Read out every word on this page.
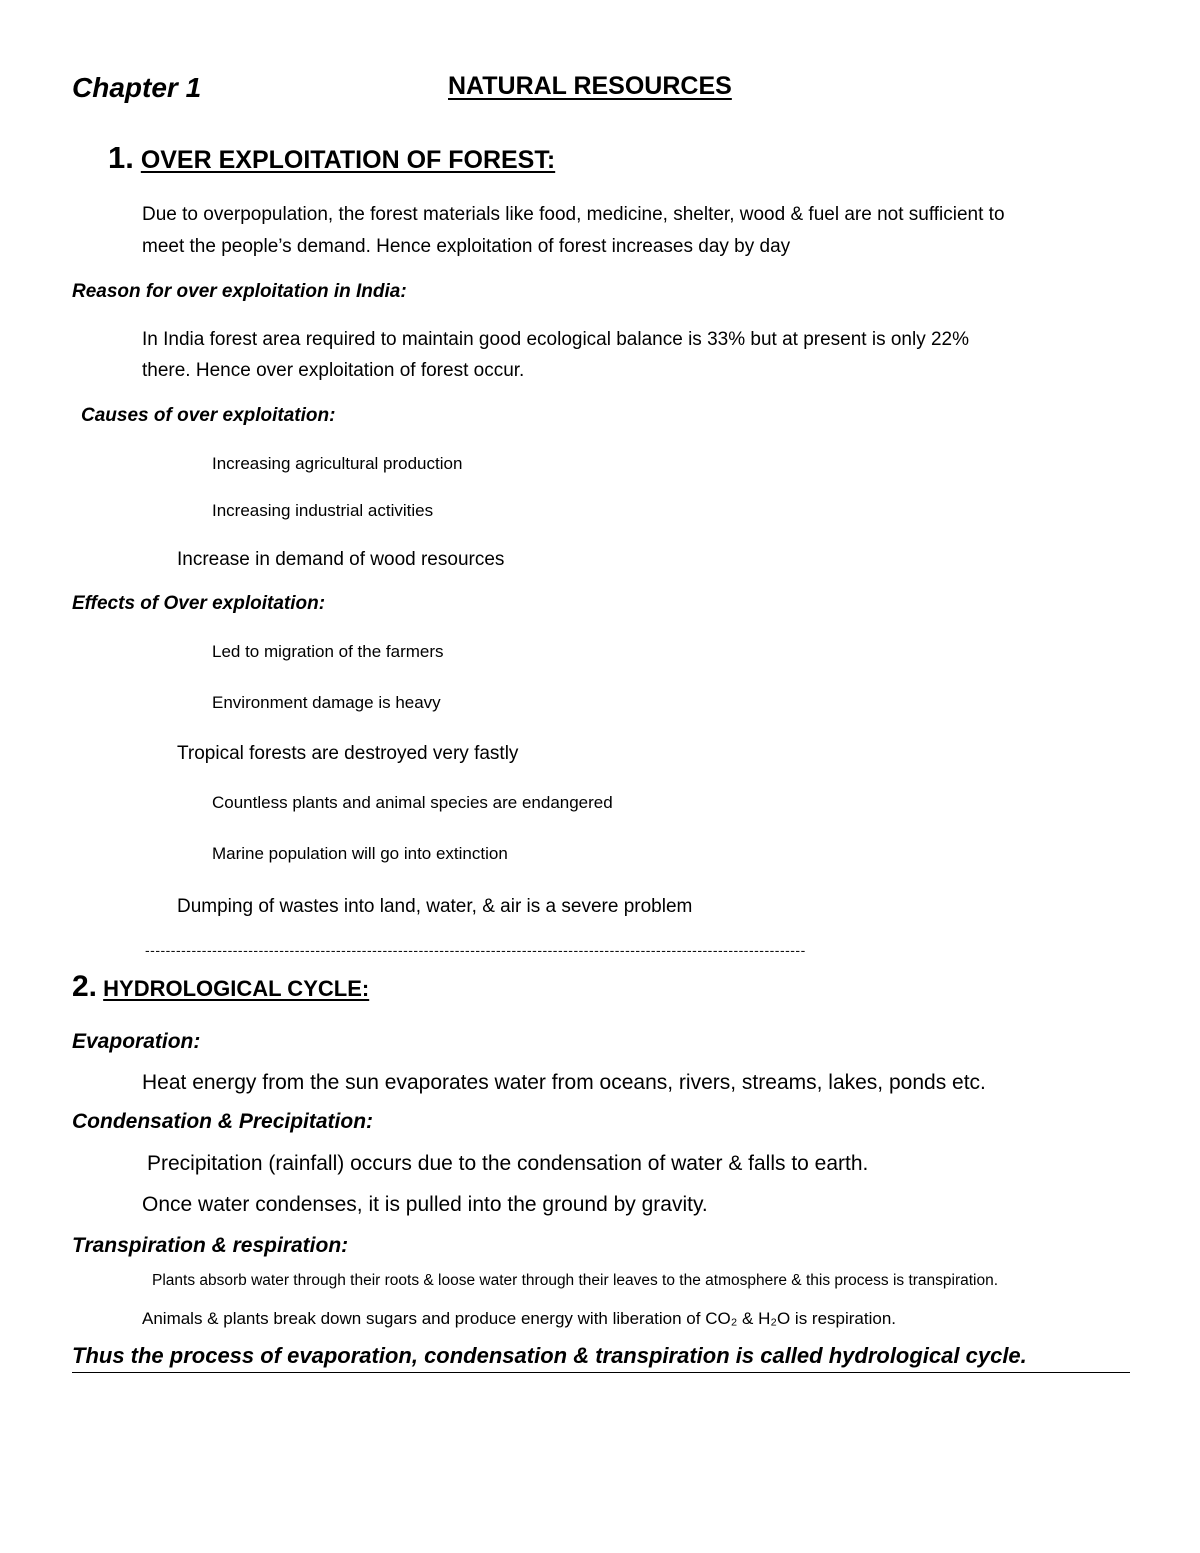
Chapter 1	NATURAL RESOURCES
1. OVER EXPLOITATION OF FOREST:
Due to overpopulation, the forest materials like food, medicine, shelter, wood & fuel are not sufficient to
meet the people’s demand. Hence exploitation of forest increases day by day
Reason for over exploitation in India:
In India forest area required to maintain good ecological balance is 33% but at present is only 22%
there. Hence over exploitation of forest occur.
Causes of over exploitation:
Increasing agricultural production
Increasing industrial activities
Increase in demand of wood resources
Effects of Over exploitation:
Led to migration of the farmers
Environment damage is heavy
Tropical forests are destroyed very fastly
Countless plants and animal species are endangered
Marine population will go into extinction
Dumping of wastes into land, water, & air is a severe problem
--------------------------------------------------------------------------------------------------------------------------------
2. HYDROLOGICAL CYCLE:
Evaporation:
Heat energy from the sun evaporates water from oceans, rivers, streams, lakes, ponds etc.
Condensation & Precipitation:
Precipitation (rainfall) occurs due to the condensation of water & falls to earth.
Once water condenses, it is pulled into the ground by gravity.
Transpiration & respiration:
Plants absorb water through their roots & loose water through their leaves to the atmosphere & this process is transpiration.
Animals & plants break down sugars and produce energy with liberation of CO₂ & H₂O is respiration.
Thus the process of evaporation, condensation & transpiration is called hydrological cycle.
